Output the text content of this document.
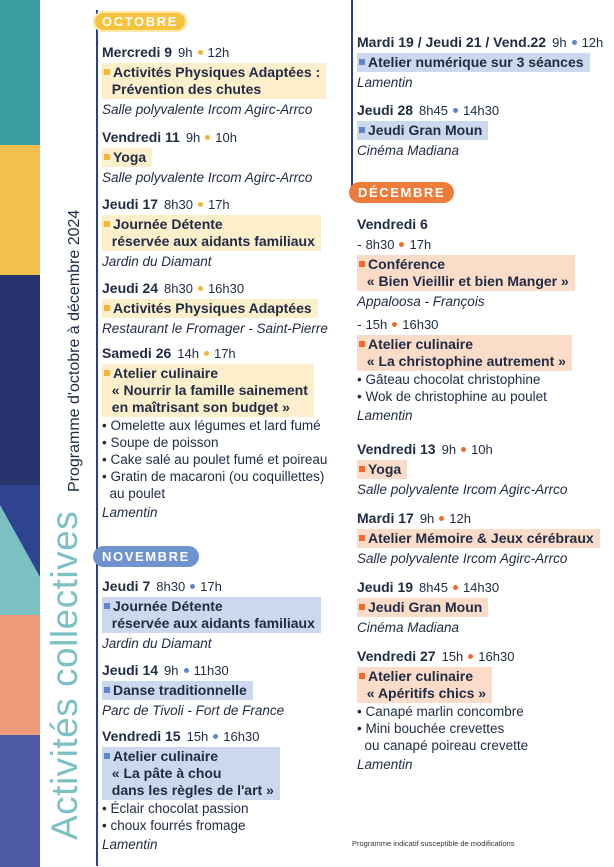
Activités collectives
Programme d'octobre à décembre 2024
OCTOBRE
Mercredi 9 9h 12h
Activités Physiques Adaptées :
Prévention des chutes
Salle polyvalente Ircom Agirc-Arrco
Vendredi 11 9h 10h
Yoga
Salle polyvalente Ircom Agirc-Arrco
Jeudi 17 8h30 17h
Journée Détente
réservée aux aidants familiaux
Jardin du Diamant
Jeudi 24 8h30 16h30
Activités Physiques Adaptées
Restaurant le Fromager - Saint-Pierre
Samedi 26 14h 17h
Atelier culinaire
« Nourrir la famille sainement
en maîtrisant son budget »
• Omelette aux légumes et lard fumé
• Soupe de poisson
• Cake salé au poulet fumé et poireau
• Gratin de macaroni (ou coquillettes)
au poulet
Lamentin
NOVEMBRE
Jeudi 7 8h30 17h
Journée Détente
réservée aux aidants familiaux
Jardin du Diamant
Jeudi 14 9h 11h30
Danse traditionnelle
Parc de Tivoli - Fort de France
Vendredi 15 15h 16h30
Atelier culinaire
« La pâte à chou
dans les règles de l'art »
• Éclair chocolat passion
• choux fourrés fromage
Lamentin
Mardi 19 / Jeudi 21 / Vend.22 9h 12h
Atelier numérique sur 3 séances
Lamentin
Jeudi 28 8h45 14h30
Jeudi Gran Moun
Cinéma Madiana
DÉCEMBRE
Vendredi 6
- 8h30 17h
Conférence
« Bien Vieillir et bien Manger »
Appaloosa - François
- 15h 16h30
Atelier culinaire
« La christophine autrement »
• Gâteau chocolat christophine
• Wok de christophine au poulet
Lamentin
Vendredi 13 9h 10h
Yoga
Salle polyvalente Ircom Agirc-Arrco
Mardi 17 9h 12h
Atelier Mémoire & Jeux cérébraux
Salle polyvalente Ircom Agirc-Arrco
Jeudi 19 8h45 14h30
Jeudi Gran Moun
Cinéma Madiana
Vendredi 27 15h 16h30
Atelier culinaire
« Apéritifs chics »
• Canapé marlin concombre
• Mini bouchée crevettes
ou canapé poireau crevette
Lamentin
Programme indicatif susceptible de modifications
